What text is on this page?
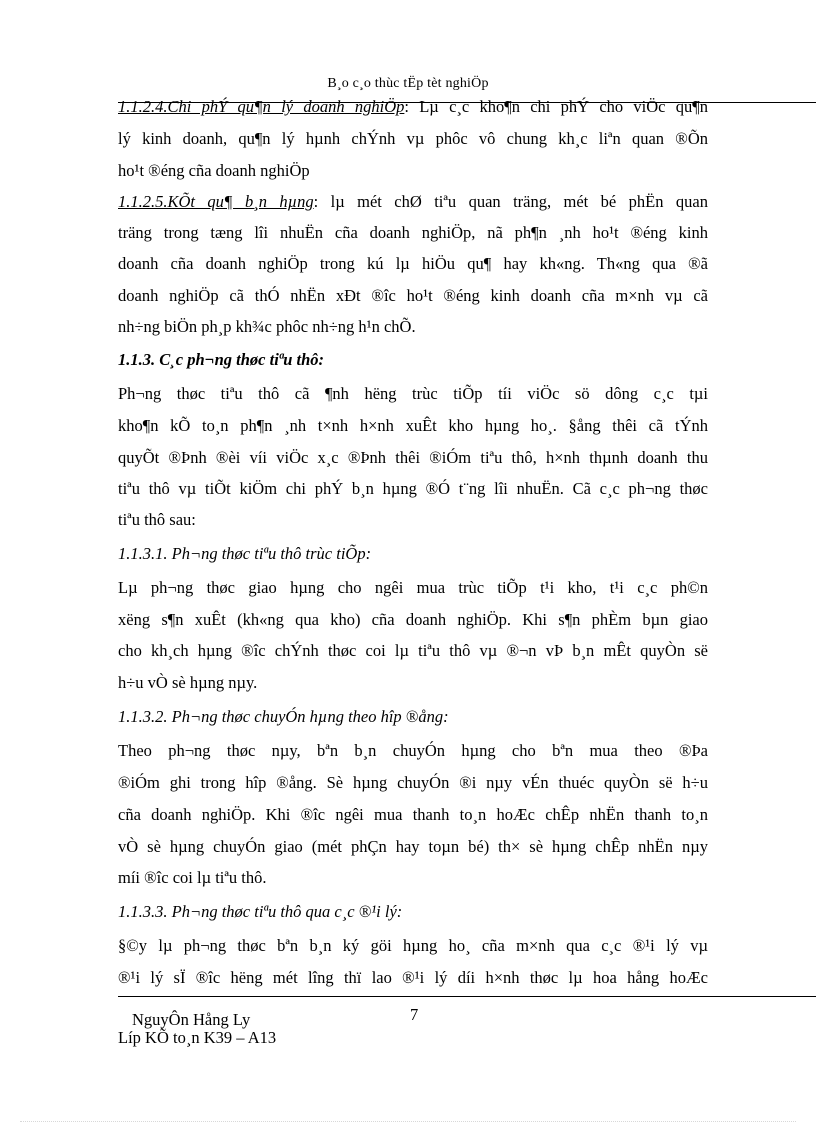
B¸o c¸o thùc tËp tèt nghiÖp
1.1.2.4.Chi phÝ qu¶n lý doanh nghiÖp: Lµ c¸c kho¶n chi phÝ cho viÖc qu¶n
lý kinh doanh, qu¶n lý hµnh chÝnh vµ phôc vô chung kh¸c liªn quan ®Õn
ho¹t ®éng cña doanh nghiÖp
1.1.2.5.KÕt qu¶ b¸n hµng: lµ mét chØ tiªu quan träng, mét bé phËn quan
träng trong tæng lîi nhuËn cña doanh nghiÖp, nã ph¶n ¸nh ho¹t ®éng kinh
doanh cña doanh nghiÖp trong kú lµ hiÖu qu¶ hay kh«ng. Th«ng qua ®ã
doanh nghiÖp cã thÓ nhËn xÐt ®îc ho¹t ®éng kinh doanh cña m×nh vµ cã
nh÷ng biÖn ph¸p kh¾c phôc nh÷ng h¹n chÕ.
1.1.3. C¸c ph¬ng thøc tiªu thô:
Ph¬ng thøc tiªu thô cã ¶nh hëng trùc tiÕp tíi viÖc sö dông c¸c tµi
kho¶n kÕ to¸n ph¶n ¸nh t×nh h×nh xuÊt kho hµng ho¸. §ång thêi cã tÝnh
quyÕt ®Þnh ®èi víi viÖc x¸c ®Þnh thêi ®iÓm tiªu thô, h×nh thµnh doanh thu
tiªu thô vµ tiÕt kiÖm chi phÝ b¸n hµng ®Ó t¨ng lîi nhuËn. Cã c¸c ph¬ng thøc
tiªu thô sau:
1.1.3.1. Ph¬ng thøc tiªu thô trùc tiÕp:
Lµ ph¬ng thøc giao hµng cho ngêi mua trùc tiÕp t¹i kho, t¹i c¸c ph©n
xëng s¶n xuÊt (kh«ng qua kho) cña doanh nghiÖp. Khi s¶n phÈm bµn giao
cho kh¸ch hµng ®îc chÝnh thøc coi lµ tiªu thô vµ ®¬n vÞ b¸n mÊt quyÒn së
h÷u vÒ sè hµng nµy.
1.1.3.2. Ph¬ng thøc chuyÓn hµng theo hîp ®ång:
Theo ph¬ng thøc nµy, bªn b¸n chuyÓn hµng cho bªn mua theo ®Þa
®iÓm ghi trong hîp ®ång. Sè hµng chuyÓn ®i nµy vÉn thuéc quyÒn së h÷u
cña doanh nghiÖp. Khi ®îc ngêi mua thanh to¸n hoÆc chÊp nhËn thanh to¸n
vÒ sè hµng chuyÓn giao (mét phÇn hay toµn bé) th× sè hµng chÊp nhËn nµy
míi ®îc coi lµ tiªu thô.
1.1.3.3. Ph¬ng thøc tiªu thô qua c¸c ®¹i lý:
§©y lµ ph¬ng thøc bªn b¸n ký göi hµng ho¸ cña m×nh qua c¸c ®¹i lý vµ
®¹i lý sÏ ®îc hëng mét lîng thï lao ®¹i lý díi h×nh thøc lµ hoa hång hoÆc
NguyÔn Hång Ly	7
Líp KÕ to¸n K39 – A13
